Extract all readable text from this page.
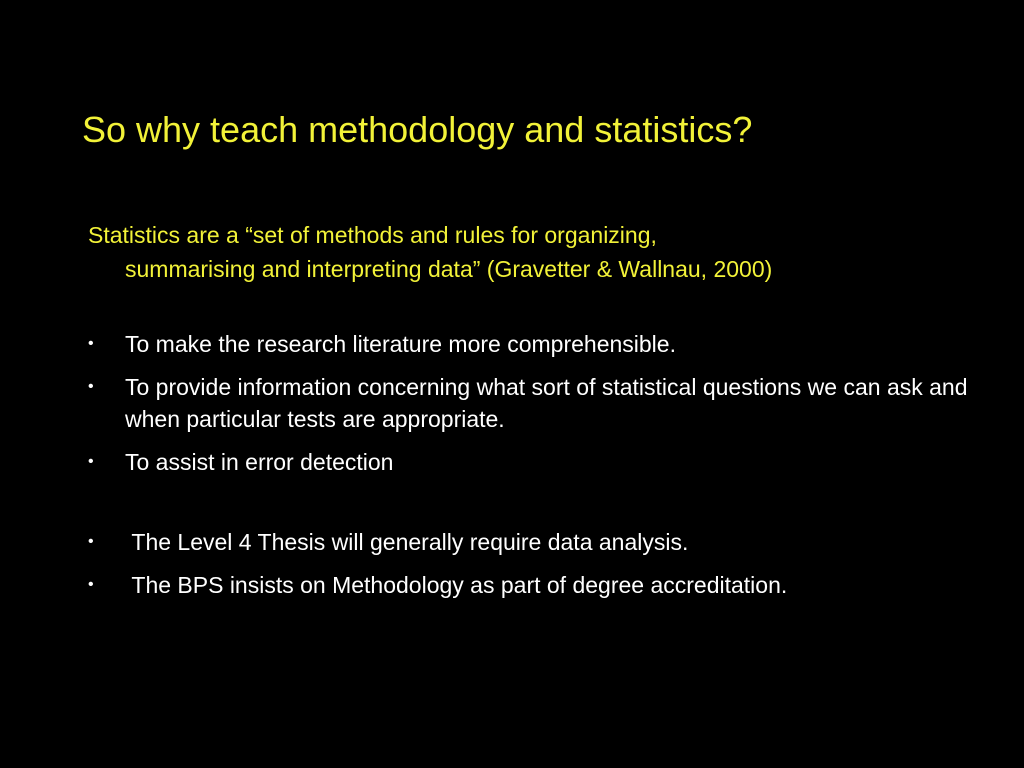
So why teach methodology and statistics?
Statistics are a “set of methods and rules for organizing,
summarising and interpreting data” (Gravetter & Wallnau, 2000)
•	To make the research literature more comprehensible.
•	To provide information concerning what sort of statistical questions we can ask and when particular tests are appropriate.
•	To assist in error detection
•	The Level 4 Thesis will generally require data analysis.
•	The BPS insists on Methodology as part of degree accreditation.
